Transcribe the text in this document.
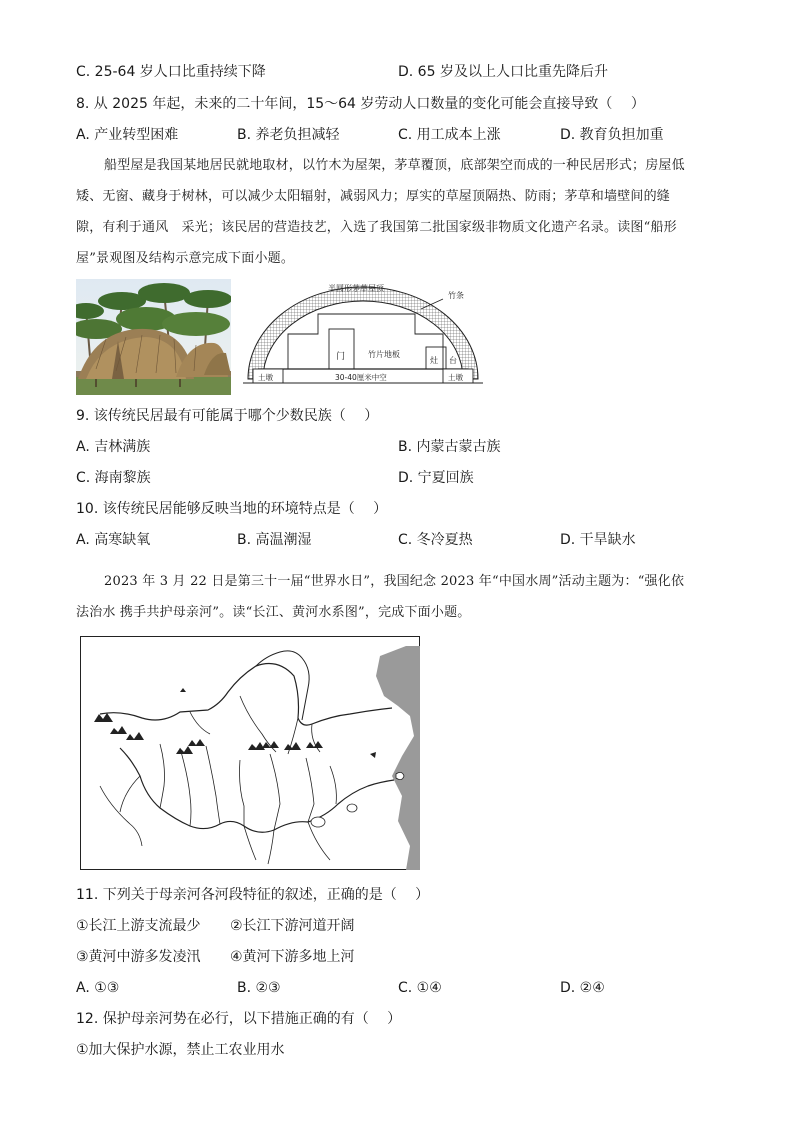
C. 25-64 岁人口比重持续下降	D. 65 岁及以上人口比重先降后升
8. 从 2025 年起，未来的二十年间，15～64 岁劳动人口数量的变化可能会直接导致（　 ）
A. 产业转型困难	B. 养老负担减轻	C. 用工成本上涨	D. 教育负担加重
船型屋是我国某地居民就地取材，以竹木为屋架，茅草覆顶，底部架空而成的一种民居形式；房屋低
矮、无窗、藏身于树林，可以减少太阳辐射，减弱风力；厚实的草屋顶隔热、防雨；茅草和墙壁间的缝
隙，有利于通风　采光；该民居的营造技艺，入选了我国第二批国家级非物质文化遗产名录。读图“船形
屋”景观图及结构示意完成下面小题。
半圆形茅草屋顶
竹条
门	竹片地板
灶 台
土墩	土墩
30-40厘米中空
9. 该传统民居最有可能属于哪个少数民族（　 ）
A. 吉林满族	B. 内蒙古蒙古族
C. 海南黎族	D. 宁夏回族
10. 该传统民居能够反映当地的环境特点是（　 ）
A. 高寒缺氧	B. 高温潮湿	C. 冬冷夏热	D. 干旱缺水
2023 年 3 月 22 日是第三十一届“世界水日”，我国纪念 2023 年“中国水周”活动主题为：“强化依
法治水 携手共护母亲河”。读“长江、黄河水系图”，完成下面小题。
11. 下列关于母亲河各河段特征的叙述，正确的是（　 ）
①长江上游支流最少 ②长江下游河道开阔
③黄河中游多发凌汛 ④黄河下游多地上河
A. ①③	B. ②③	C. ①④	D. ②④
12. 保护母亲河势在必行，以下措施正确的有（　 ）
①加大保护水源，禁止工农业用水
